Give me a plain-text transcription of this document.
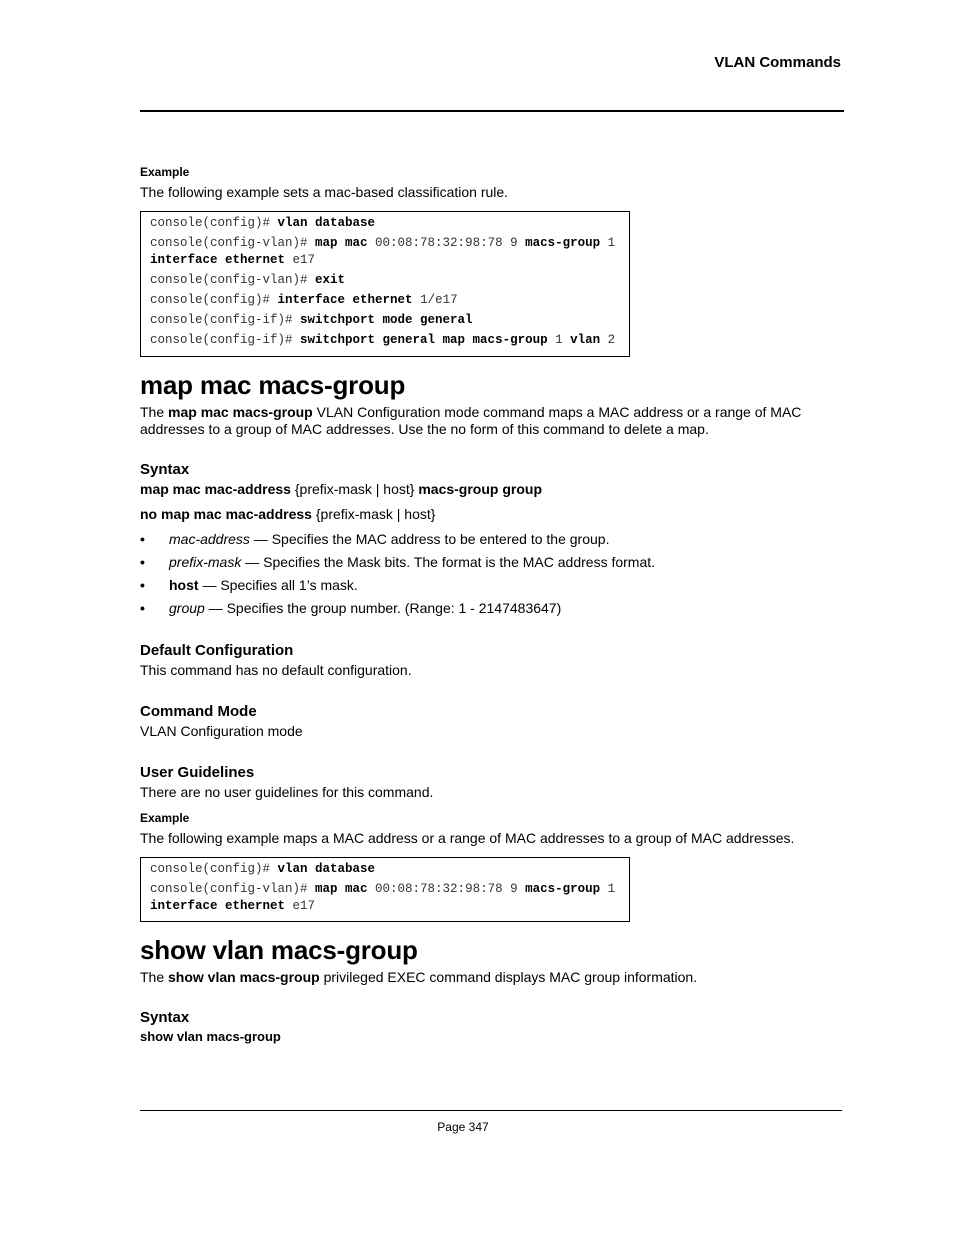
VLAN Commands
Example
The following example sets a mac-based classification rule.
console(config)# vlan database
console(config-vlan)# map mac 00:08:78:32:98:78 9 macs-group 1 interface ethernet e17
console(config-vlan)# exit
console(config)# interface ethernet 1/e17
console(config-if)# switchport mode general
console(config-if)# switchport general map macs-group 1 vlan 2
map mac macs-group
The map mac macs-group VLAN Configuration mode command maps a MAC address or a range of MAC addresses to a group of MAC addresses. Use the no form of this command to delete a map.
Syntax
map mac mac-address {prefix-mask | host} macs-group group
no map mac mac-address {prefix-mask | host}
• mac-address — Specifies the MAC address to be entered to the group.
• prefix-mask — Specifies the Mask bits. The format is the MAC address format.
• host — Specifies all 1’s mask.
• group — Specifies the group number. (Range: 1 - 2147483647)
Default Configuration
This command has no default configuration.
Command Mode
VLAN Configuration mode
User Guidelines
There are no user guidelines for this command.
Example
The following example maps a MAC address or a range of MAC addresses to a group of MAC addresses.
console(config)# vlan database
console(config-vlan)# map mac 00:08:78:32:98:78 9 macs-group 1 interface ethernet e17
show vlan macs-group
The show vlan macs-group privileged EXEC command displays MAC group information.
Syntax
show vlan macs-group
Page 347
